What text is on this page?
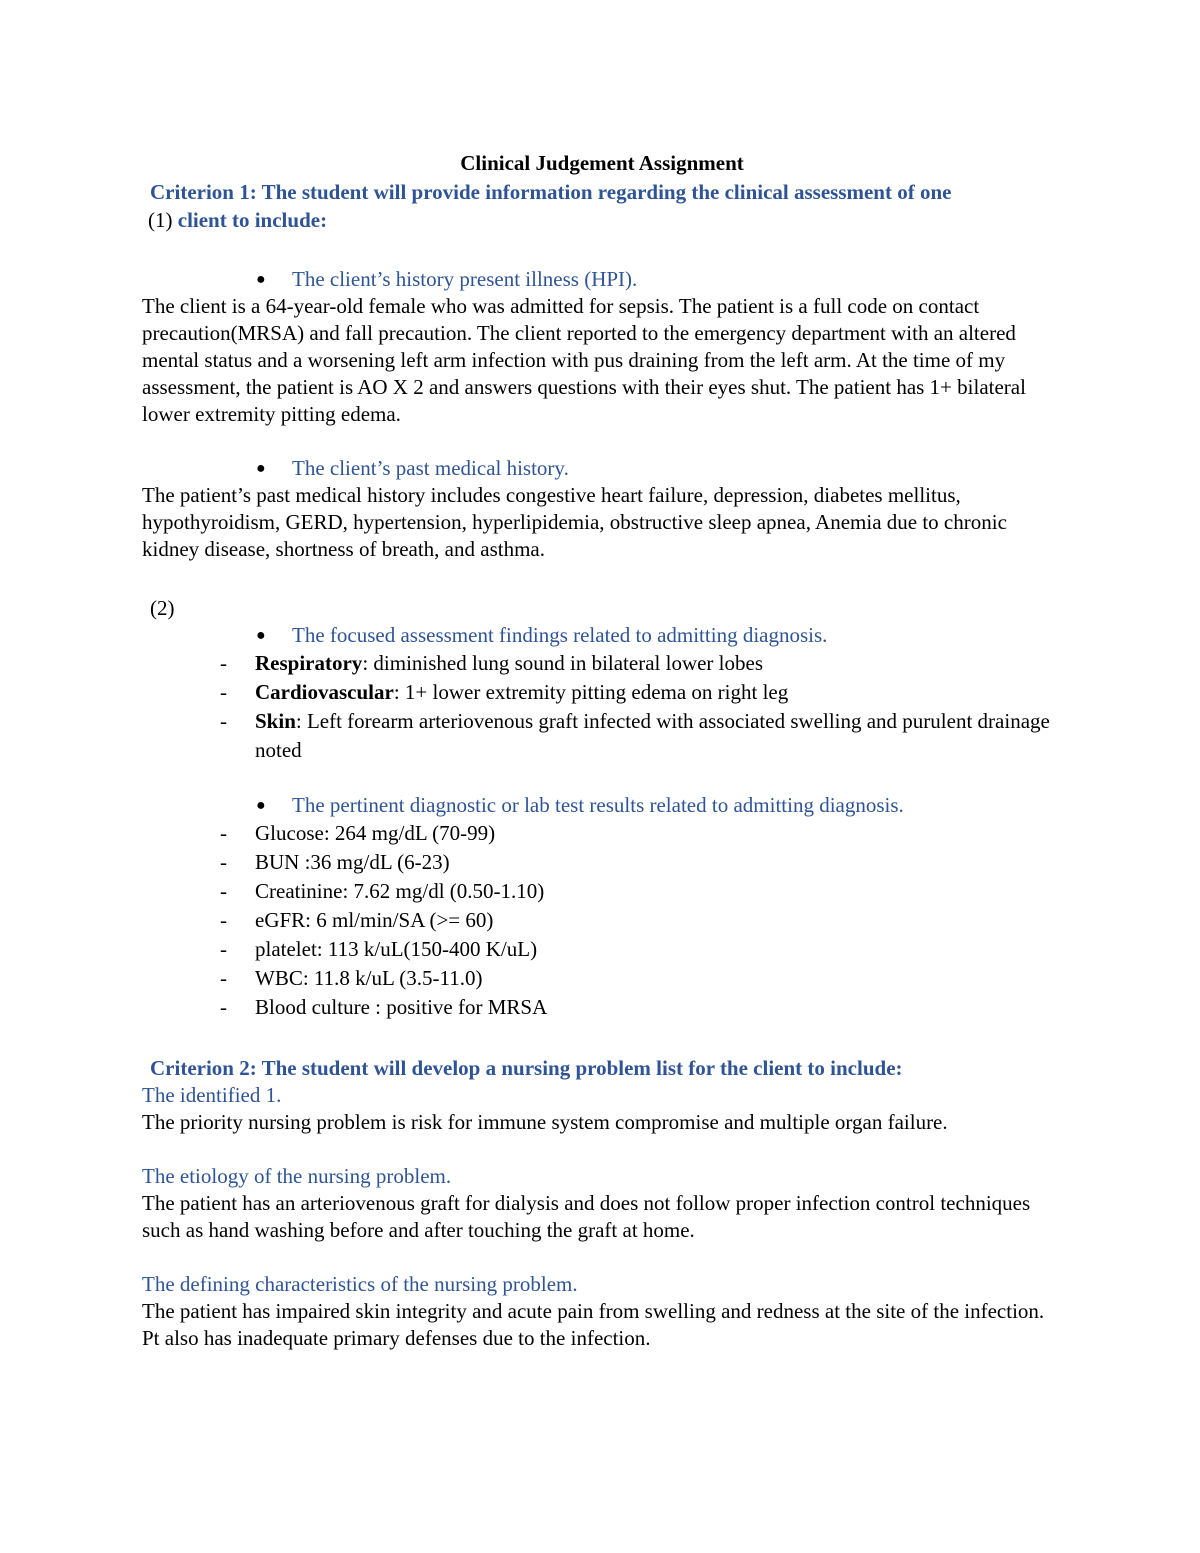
Clinical Judgement Assignment
Criterion 1: The student will provide information regarding the clinical assessment of one
(1) client to include:
● The client’s history present illness (HPI).

The client is a 64-year-old female who was admitted for sepsis. The patient is a full code on contact precaution(MRSA) and fall precaution. The client reported to the emergency department with an altered mental status and a worsening left arm infection with pus draining from the left arm. At the time of my assessment, the patient is AO X 2 and answers questions with their eyes shut. The patient has 1+ bilateral lower extremity pitting edema.

● The client’s past medical history.

The patient’s past medical history includes congestive heart failure, depression, diabetes mellitus, hypothyroidism, GERD, hypertension, hyperlipidemia, obstructive sleep apnea, Anemia due to chronic kidney disease, shortness of breath, and asthma.

(2)

● The focused assessment findings related to admitting diagnosis.
- Respiratory: diminished lung sound in bilateral lower lobes
- Cardiovascular: 1+ lower extremity pitting edema on right leg
- Skin: Left forearm arteriovenous graft infected with associated swelling and purulent drainage noted
● The pertinent diagnostic or lab test results related to admitting diagnosis.
- Glucose: 264 mg/dL (70-99)
- BUN :36 mg/dL (6-23)
- Creatinine: 7.62 mg/dl (0.50-1.10)
- eGFR: 6 ml/min/SA (>= 60)
- platelet: 113 k/uL(150-400 K/uL)
- WBC: 11.8 k/uL (3.5-11.0)
- Blood culture : positive for MRSA
Criterion 2: The student will develop a nursing problem list for the client to include:

The identified 1.

The priority nursing problem is risk for immune system compromise and multiple organ failure.

The etiology of the nursing problem.

The patient has an arteriovenous graft for dialysis and does not follow proper infection control techniques such as hand washing before and after touching the graft at home.

The defining characteristics of the nursing problem.

The patient has impaired skin integrity and acute pain from swelling and redness at the site of the infection. Pt also has inadequate primary defenses due to the infection.
